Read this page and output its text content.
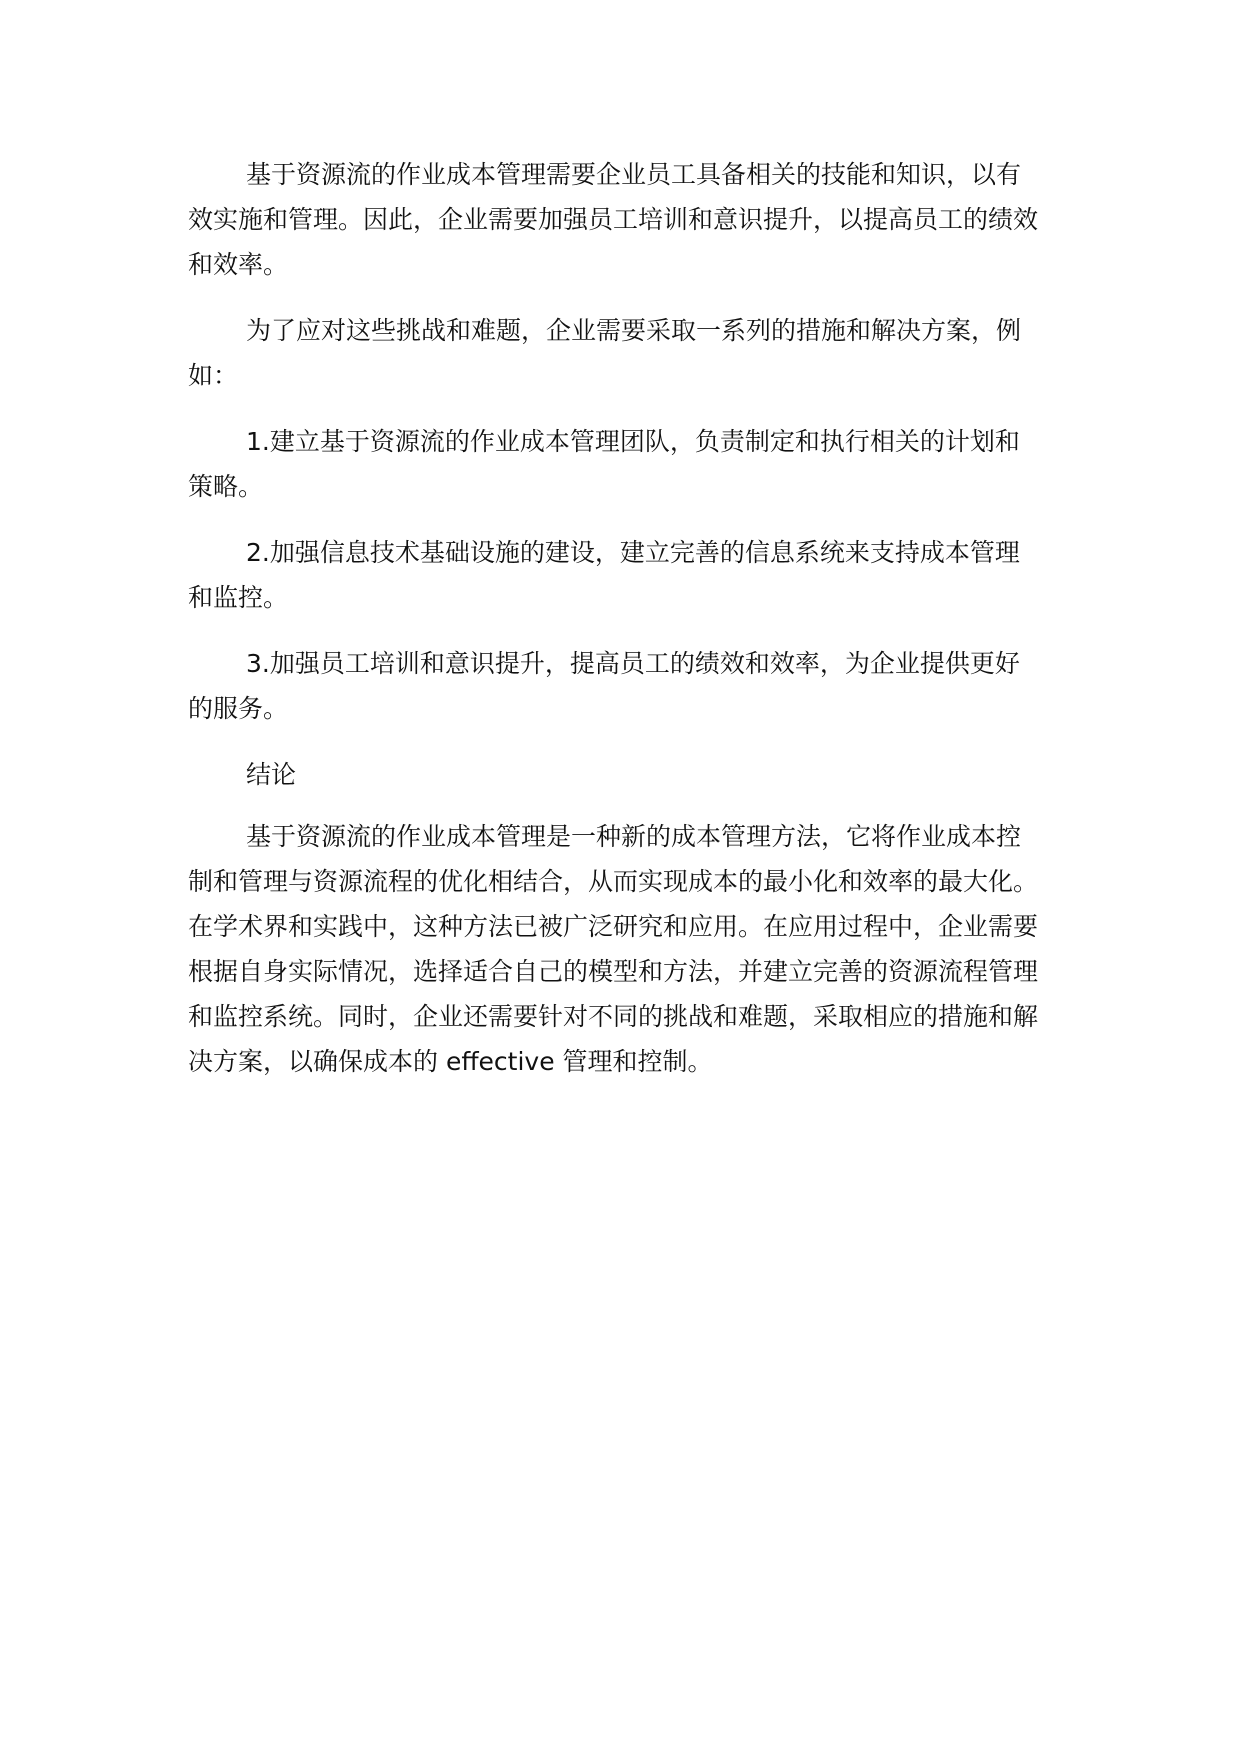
基于资源流的作业成本管理需要企业员工具备相关的技能和知识，以有效实施和管理。因此，企业需要加强员工培训和意识提升，以提高员工的绩效和效率。

为了应对这些挑战和难题，企业需要采取一系列的措施和解决方案，例如：

1.建立基于资源流的作业成本管理团队，负责制定和执行相关的计划和策略。

2.加强信息技术基础设施的建设，建立完善的信息系统来支持成本管理和监控。

3.加强员工培训和意识提升，提高员工的绩效和效率，为企业提供更好的服务。

结论

基于资源流的作业成本管理是一种新的成本管理方法，它将作业成本控制和管理与资源流程的优化相结合，从而实现成本的最小化和效率的最大化。在学术界和实践中，这种方法已被广泛研究和应用。在应用过程中，企业需要根据自身实际情况，选择适合自己的模型和方法，并建立完善的资源流程管理和监控系统。同时，企业还需要针对不同的挑战和难题，采取相应的措施和解决方案，以确保成本的 effective 管理和控制。
